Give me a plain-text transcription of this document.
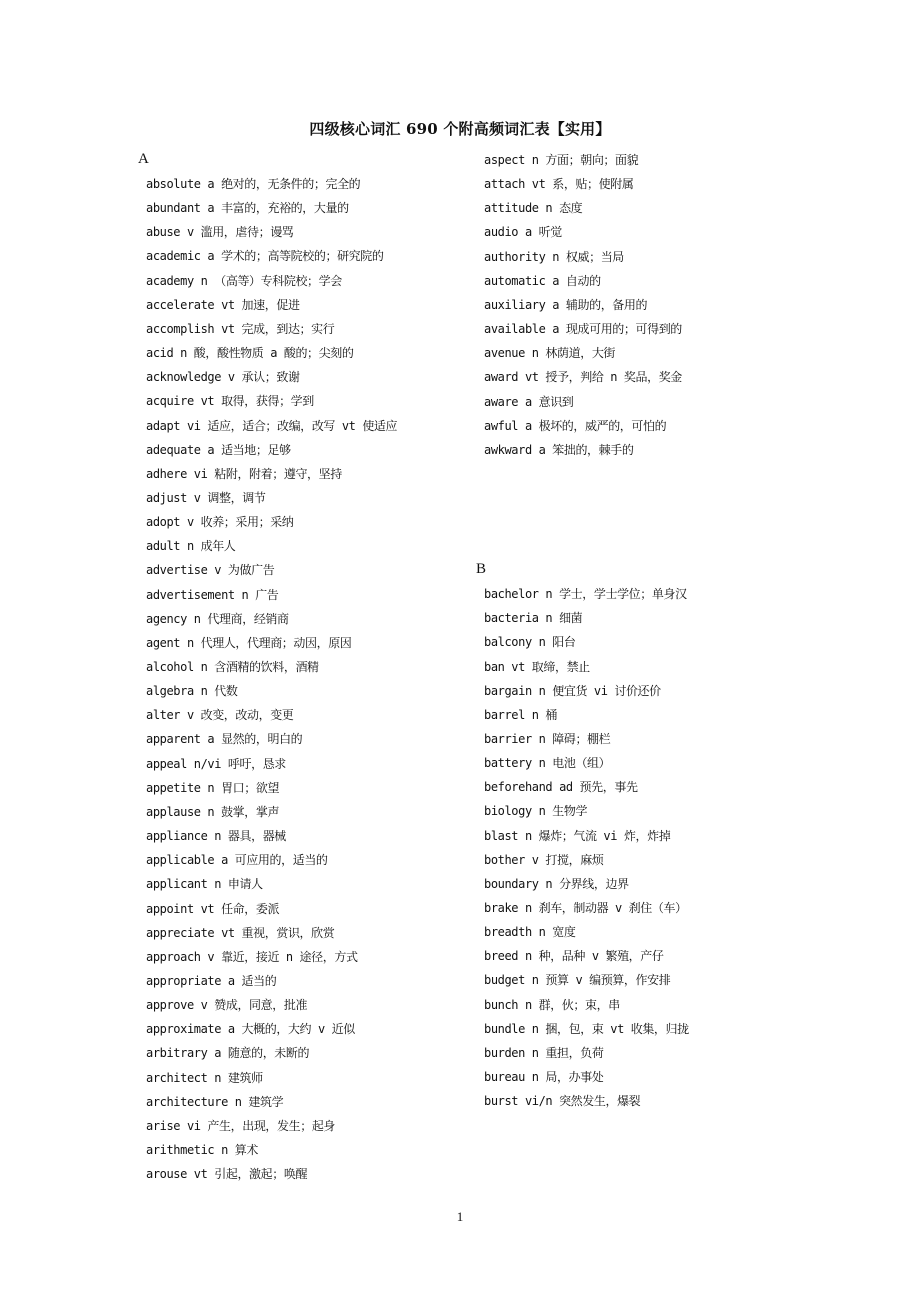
四级核心词汇 690 个附高频词汇表【实用】
A
absolute a 绝对的，无条件的；完全的
abundant a 丰富的，充裕的，大量的
abuse v 滥用，虐待；谩骂
academic a 学术的；高等院校的；研究院的
academy n （高等）专科院校；学会
accelerate vt 加速，促进
accomplish vt 完成，到达；实行
acid n 酸，酸性物质 a 酸的；尖刻的
acknowledge v 承认；致谢
acquire vt 取得，获得；学到
adapt vi 适应，适合；改编，改写 vt 使适应
adequate a 适当地；足够
adhere vi 粘附，附着；遵守，坚持
adjust v 调整，调节
adopt v 收养；采用；采纳
adult n 成年人
advertise v 为做广告
advertisement n 广告
agency n 代理商，经销商
agent n 代理人，代理商；动因，原因
alcohol n 含酒精的饮料，酒精
algebra n 代数
alter v 改变，改动，变更
apparent a 显然的，明白的
appeal n/vi 呼吁，恳求
appetite n 胃口；欲望
applause n 鼓掌，掌声
appliance n 器具，器械
applicable a 可应用的，适当的
applicant n 申请人
appoint vt 任命，委派
appreciate vt 重视，赏识，欣赏
approach v 靠近，接近 n 途径，方式
appropriate a 适当的
approve v 赞成，同意，批准
approximate a 大概的，大约 v 近似
arbitrary a 随意的，未断的
architect n 建筑师
architecture n 建筑学
arise vi 产生，出现，发生；起身
arithmetic n 算术
arouse vt 引起，激起；唤醒
aspect n 方面；朝向；面貌
attach vt 系，贴；使附属
attitude n 态度
audio a 听觉
authority n 权威；当局
automatic a 自动的
auxiliary a 辅助的，备用的
available a 现成可用的；可得到的
avenue n 林荫道，大街
award vt 授予，判给 n 奖品，奖金
aware a 意识到
awful a 极坏的，威严的，可怕的
awkward a 笨拙的，棘手的
B
bachelor n 学士，学士学位；单身汉
bacteria n 细菌
balcony n 阳台
ban vt 取缔，禁止
bargain n 便宜货 vi 讨价还价
barrel n 桶
barrier n 障碍；棚栏
battery n 电池（组）
beforehand ad 预先，事先
biology n 生物学
blast n 爆炸；气流 vi 炸，炸掉
bother v 打搅，麻烦
boundary n 分界线，边界
brake n 刹车，制动器 v 刹住（车）
breadth n 宽度
breed n 种，品种 v 繁殖，产仔
budget n 预算 v 编预算，作安排
bunch n 群，伙；束，串
bundle n 捆，包，束 vt 收集，归拢
burden n 重担，负荷
bureau n 局，办事处
burst vi/n 突然发生，爆裂
1
